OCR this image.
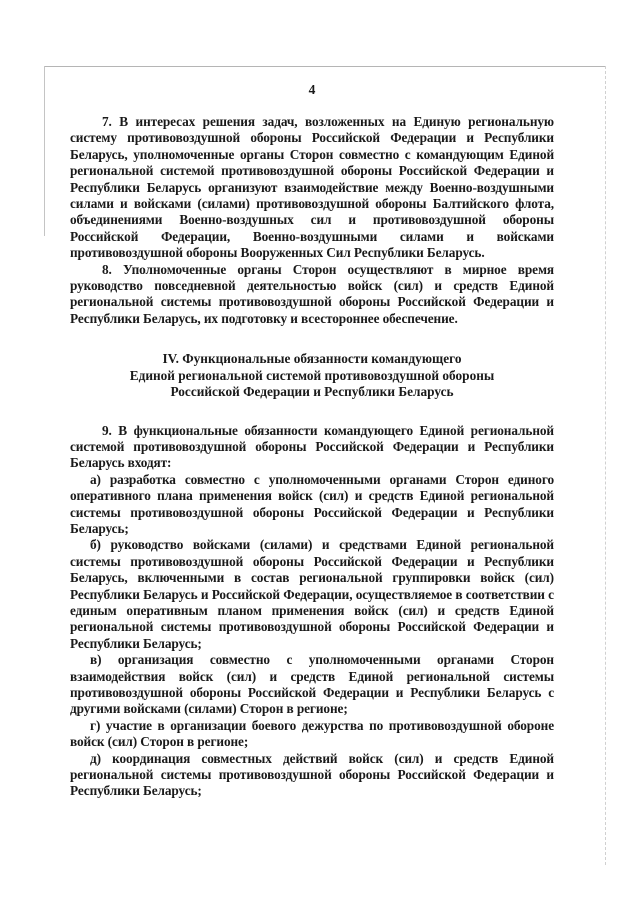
4

7. В интересах решения задач, возложенных на Единую региональную систему противовоздушной обороны Российской Федерации и Республики Беларусь, уполномоченные органы Сторон совместно с командующим Единой региональной системой противовоздушной обороны Российской Федерации и Республики Беларусь организуют взаимодействие между Военно-воздушными силами и войсками (силами) противовоздушной обороны Балтийского флота, объединениями Военно-воздушных сил и противовоздушной обороны Российской Федерации, Военно-воздушными силами и войсками противовоздушной обороны Вооруженных Сил Республики Беларусь.

8. Уполномоченные органы Сторон осуществляют в мирное время руководство повседневной деятельностью войск (сил) и средств Единой региональной системы противовоздушной обороны Российской Федерации и Республики Беларусь, их подготовку и всестороннее обеспечение.

IV. Функциональные обязанности командующего
Единой региональной системой противовоздушной обороны
Российской Федерации и Республики Беларусь

9. В функциональные обязанности командующего Единой региональной системой противовоздушной обороны Российской Федерации и Республики Беларусь входят:

а) разработка совместно с уполномоченными органами Сторон единого оперативного плана применения войск (сил) и средств Единой региональной системы противовоздушной обороны Российской Федерации и Республики Беларусь;

б) руководство войсками (силами) и средствами Единой региональной системы противовоздушной обороны Российской Федерации и Республики Беларусь, включенными в состав региональной группировки войск (сил) Республики Беларусь и Российской Федерации, осуществляемое в соответствии с единым оперативным планом применения войск (сил) и средств Единой региональной системы противовоздушной обороны Российской Федерации и Республики Беларусь;

в) организация совместно с уполномоченными органами Сторон взаимодействия войск (сил) и средств Единой региональной системы противовоздушной обороны Российской Федерации и Республики Беларусь с другими войсками (силами) Сторон в регионе;

г) участие в организации боевого дежурства по противовоздушной обороне войск (сил) Сторон в регионе;

д) координация совместных действий войск (сил) и средств Единой региональной системы противовоздушной обороны Российской Федерации и Республики Беларусь;
